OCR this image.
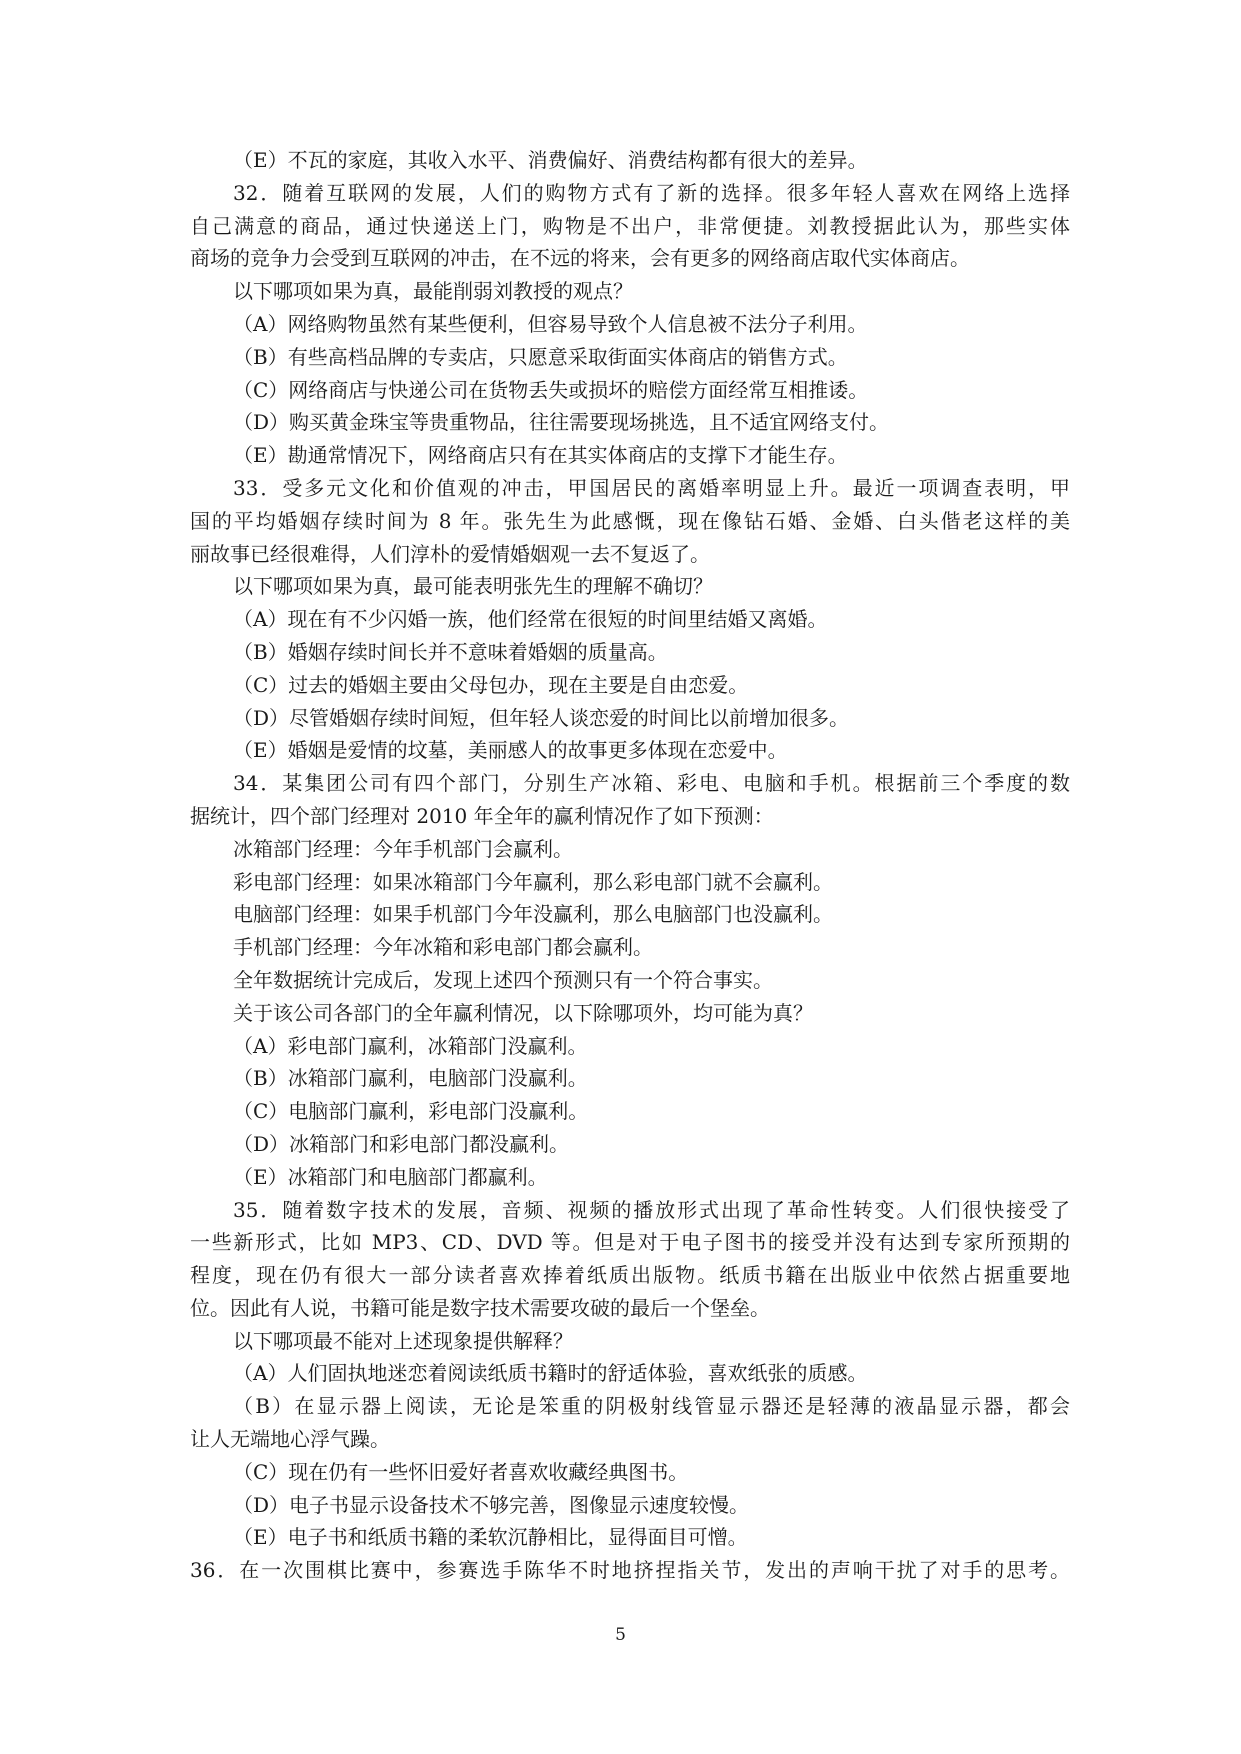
（E）不瓦的家庭，其收入水平、消费偏好、消费结构都有很大的差异。
32．随着互联网的发展，人们的购物方式有了新的选择。很多年轻人喜欢在网络上选择
自己满意的商品，通过快递送上门，购物是不出户，非常便捷。刘教授据此认为，那些实体
商场的竞争力会受到互联网的冲击，在不远的将来，会有更多的网络商店取代实体商店。
以下哪项如果为真，最能削弱刘教授的观点？
（A）网络购物虽然有某些便利，但容易导致个人信息被不法分子利用。
（B）有些高档品牌的专卖店，只愿意采取街面实体商店的销售方式。
（C）网络商店与快递公司在货物丢失或损坏的赔偿方面经常互相推诿。
（D）购买黄金珠宝等贵重物品，往往需要现场挑选，且不适宜网络支付。
（E）勘通常情况下，网络商店只有在其实体商店的支撑下才能生存。
33．受多元文化和价值观的冲击，甲国居民的离婚率明显上升。最近一项调查表明，甲
国的平均婚姻存续时间为 8 年。张先生为此感慨，现在像钻石婚、金婚、白头偕老这样的美
丽故事已经很难得，人们淳朴的爱情婚姻观一去不复返了。
以下哪项如果为真，最可能表明张先生的理解不确切？
（A）现在有不少闪婚一族，他们经常在很短的时间里结婚又离婚。
（B）婚姻存续时间长并不意味着婚姻的质量高。
（C）过去的婚姻主要由父母包办，现在主要是自由恋爱。
（D）尽管婚姻存续时间短，但年轻人谈恋爱的时间比以前增加很多。
（E）婚姻是爱情的坟墓，美丽感人的故事更多体现在恋爱中。
34．某集团公司有四个部门，分别生产冰箱、彩电、电脑和手机。根据前三个季度的数
据统计，四个部门经理对 2010 年全年的赢利情况作了如下预测：
冰箱部门经理：今年手机部门会赢利。
彩电部门经理：如果冰箱部门今年赢利，那么彩电部门就不会赢利。
电脑部门经理：如果手机部门今年没赢利，那么电脑部门也没赢利。
手机部门经理：今年冰箱和彩电部门都会赢利。
全年数据统计完成后，发现上述四个预测只有一个符合事实。
关于该公司各部门的全年赢利情况，以下除哪项外，均可能为真？
（A）彩电部门赢利，冰箱部门没赢利。
（B）冰箱部门赢利，电脑部门没赢利。
（C）电脑部门赢利，彩电部门没赢利。
（D）冰箱部门和彩电部门都没赢利。
（E）冰箱部门和电脑部门都赢利。
35．随着数字技术的发展，音频、视频的播放形式出现了革命性转变。人们很快接受了
一些新形式，比如 MP3、CD、DVD 等。但是对于电子图书的接受并没有达到专家所预期的
程度，现在仍有很大一部分读者喜欢捧着纸质出版物。纸质书籍在出版业中依然占据重要地
位。因此有人说，书籍可能是数字技术需要攻破的最后一个堡垒。
以下哪项最不能对上述现象提供解释？
（A）人们固执地迷恋着阅读纸质书籍时的舒适体验，喜欢纸张的质感。
（B）在显示器上阅读，无论是笨重的阴极射线管显示器还是轻薄的液晶显示器，都会
让人无端地心浮气躁。
（C）现在仍有一些怀旧爱好者喜欢收藏经典图书。
（D）电子书显示设备技术不够完善，图像显示速度较慢。
（E）电子书和纸质书籍的柔软沉静相比，显得面目可憎。
36．在一次围棋比赛中，参赛选手陈华不时地挤捏指关节，发出的声响干扰了对手的思考。
5
